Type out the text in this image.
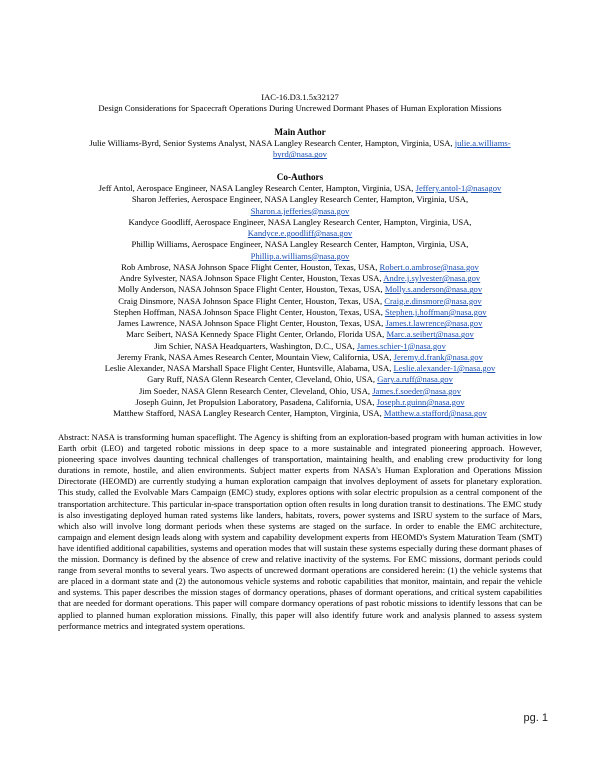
IAC-16.D3.1.5x32127
Design Considerations for Spacecraft Operations During Uncrewed Dormant Phases of Human Exploration Missions
Main Author
Julie Williams-Byrd, Senior Systems Analyst, NASA Langley Research Center, Hampton, Virginia, USA, julie.a.williams-
byrd@nasa.gov
Co-Authors
Jeff Antol, Aerospace Engineer, NASA Langley Research Center, Hampton, Virginia, USA, Jeffery.antol-1@nasagov
Sharon Jefferies, Aerospace Engineer, NASA Langley Research Center, Hampton, Virginia, USA,
Sharon.a.jefferies@nasa.gov
Kandyce Goodliff, Aerospace Engineer, NASA Langley Research Center, Hampton, Virginia, USA,
Kandyce.e.goodliff@nasa.gov
Phillip Williams, Aerospace Engineer, NASA Langley Research Center, Hampton, Virginia, USA,
Phillip.a.williams@nasa.gov
Rob Ambrose, NASA Johnson Space Flight Center, Houston, Texas, USA, Robert.o.ambrose@nasa.gov
Andre Sylvester, NASA Johnson Space Flight Center, Houston, Texas USA, Andre.j.sylvester@nasa.gov
Molly Anderson, NASA Johnson Space Flight Center, Houston, Texas, USA, Molly.s.anderson@nasa.gov
Craig Dinsmore, NASA Johnson Space Flight Center, Houston, Texas, USA, Craig.e.dinsmore@nasa.gov
Stephen Hoffman, NASA Johnson Space Flight Center, Houston, Texas, USA, Stephen.j.hoffman@nasa.gov
James Lawrence, NASA Johnson Space Flight Center, Houston, Texas, USA, James.t.lawrence@nasa.gov
Marc Seibert, NASA Kennedy Space Flight Center, Orlando, Florida USA, Marc.a.seibert@nasa.gov
Jim Schier, NASA Headquarters, Washington, D.C., USA, James.schier-1@nasa.gov
Jeremy Frank, NASA Ames Research Center, Mountain View, California, USA, Jeremy.d.frank@nasa.gov
Leslie Alexander, NASA Marshall Space Flight Center, Huntsville, Alabama, USA, Leslie.alexander-1@nasa.gov
Gary Ruff, NASA Glenn Research Center, Cleveland, Ohio, USA, Gary.a.ruff@nasa.gov
Jim Soeder, NASA Glenn Research Center, Cleveland, Ohio, USA, James.f.soeder@nasa.gov
Joseph Guinn, Jet Propulsion Laboratory, Pasadena, California, USA, Joseph.r.guinn@nasa.gov
Matthew Stafford, NASA Langley Research Center, Hampton, Virginia, USA, Matthew.a.stafford@nasa.gov
Abstract: NASA is transforming human spaceflight. The Agency is shifting from an exploration-based program with human activities in low Earth orbit (LEO) and targeted robotic missions in deep space to a more sustainable and integrated pioneering approach. However, pioneering space involves daunting technical challenges of transportation, maintaining health, and enabling crew productivity for long durations in remote, hostile, and alien environments. Subject matter experts from NASA's Human Exploration and Operations Mission Directorate (HEOMD) are currently studying a human exploration campaign that involves deployment of assets for planetary exploration. This study, called the Evolvable Mars Campaign (EMC) study, explores options with solar electric propulsion as a central component of the transportation architecture. This particular in-space transportation option often results in long duration transit to destinations. The EMC study is also investigating deployed human rated systems like landers, habitats, rovers, power systems and ISRU system to the surface of Mars, which also will involve long dormant periods when these systems are staged on the surface. In order to enable the EMC architecture, campaign and element design leads along with system and capability development experts from HEOMD's System Maturation Team (SMT) have identified additional capabilities, systems and operation modes that will sustain these systems especially during these dormant phases of the mission. Dormancy is defined by the absence of crew and relative inactivity of the systems. For EMC missions, dormant periods could range from several months to several years. Two aspects of uncrewed dormant operations are considered herein: (1) the vehicle systems that are placed in a dormant state and (2) the autonomous vehicle systems and robotic capabilities that monitor, maintain, and repair the vehicle and systems. This paper describes the mission stages of dormancy operations, phases of dormant operations, and critical system capabilities that are needed for dormant operations. This paper will compare dormancy operations of past robotic missions to identify lessons that can be applied to planned human exploration missions. Finally, this paper will also identify future work and analysis planned to assess system performance metrics and integrated system operations.
pg. 1
